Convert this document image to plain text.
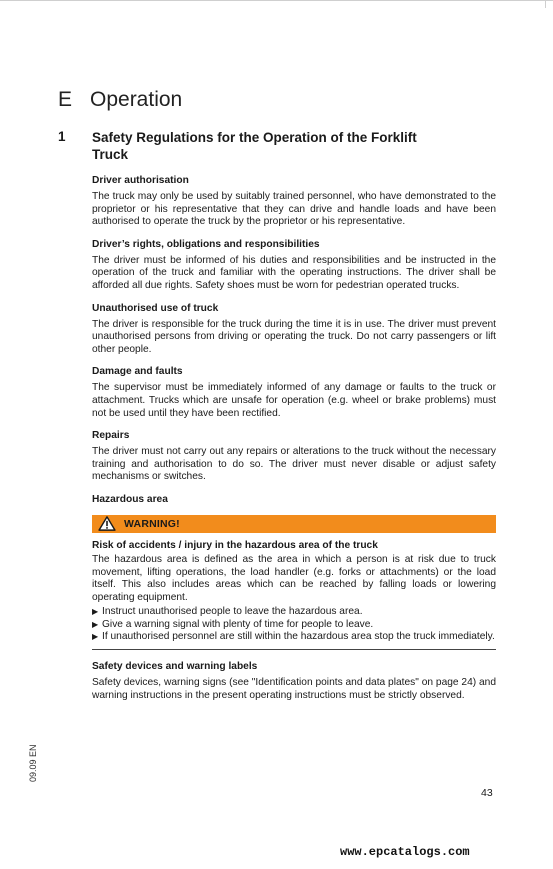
E Operation
1 Safety Regulations for the Operation of the Forklift Truck

Driver authorisation

The truck may only be used by suitably trained personnel, who have demonstrated to the proprietor or his representative that they can drive and handle loads and have been authorised to operate the truck by the proprietor or his representative.

Driver’s rights, obligations and responsibilities

The driver must be informed of his duties and responsibilities and be instructed in the operation of the truck and familiar with the operating instructions. The driver shall be afforded all due rights. Safety shoes must be worn for pedestrian operated trucks.

Unauthorised use of truck

The driver is responsible for the truck during the time it is in use. The driver must prevent unauthorised persons from driving or operating the truck. Do not carry passengers or lift other people.

Damage and faults

The supervisor must be immediately informed of any damage or faults to the truck or attachment. Trucks which are unsafe for operation (e.g. wheel or brake problems) must not be used until they have been rectified.

Repairs

The driver must not carry out any repairs or alterations to the truck without the necessary training and authorisation to do so. The driver must never disable or adjust safety mechanisms or switches.

Hazardous area

WARNING!

Risk of accidents / injury in the hazardous area of the truck

The hazardous area is defined as the area in which a person is at risk due to truck movement, lifting operations, the load handler (e.g. forks or attachments) or the load itself. This also includes areas which can be reached by falling loads or lowering operating equipment.

▶ Instruct unauthorised people to leave the hazardous area.
▶ Give a warning signal with plenty of time for people to leave.
▶ If unauthorised personnel are still within the hazardous area stop the truck immediately.

Safety devices and warning labels

Safety devices, warning signs (see "Identification points and data plates" on page 24) and warning instructions in the present operating instructions must be strictly observed.

09.09 EN
43
www.epcatalogs.com
